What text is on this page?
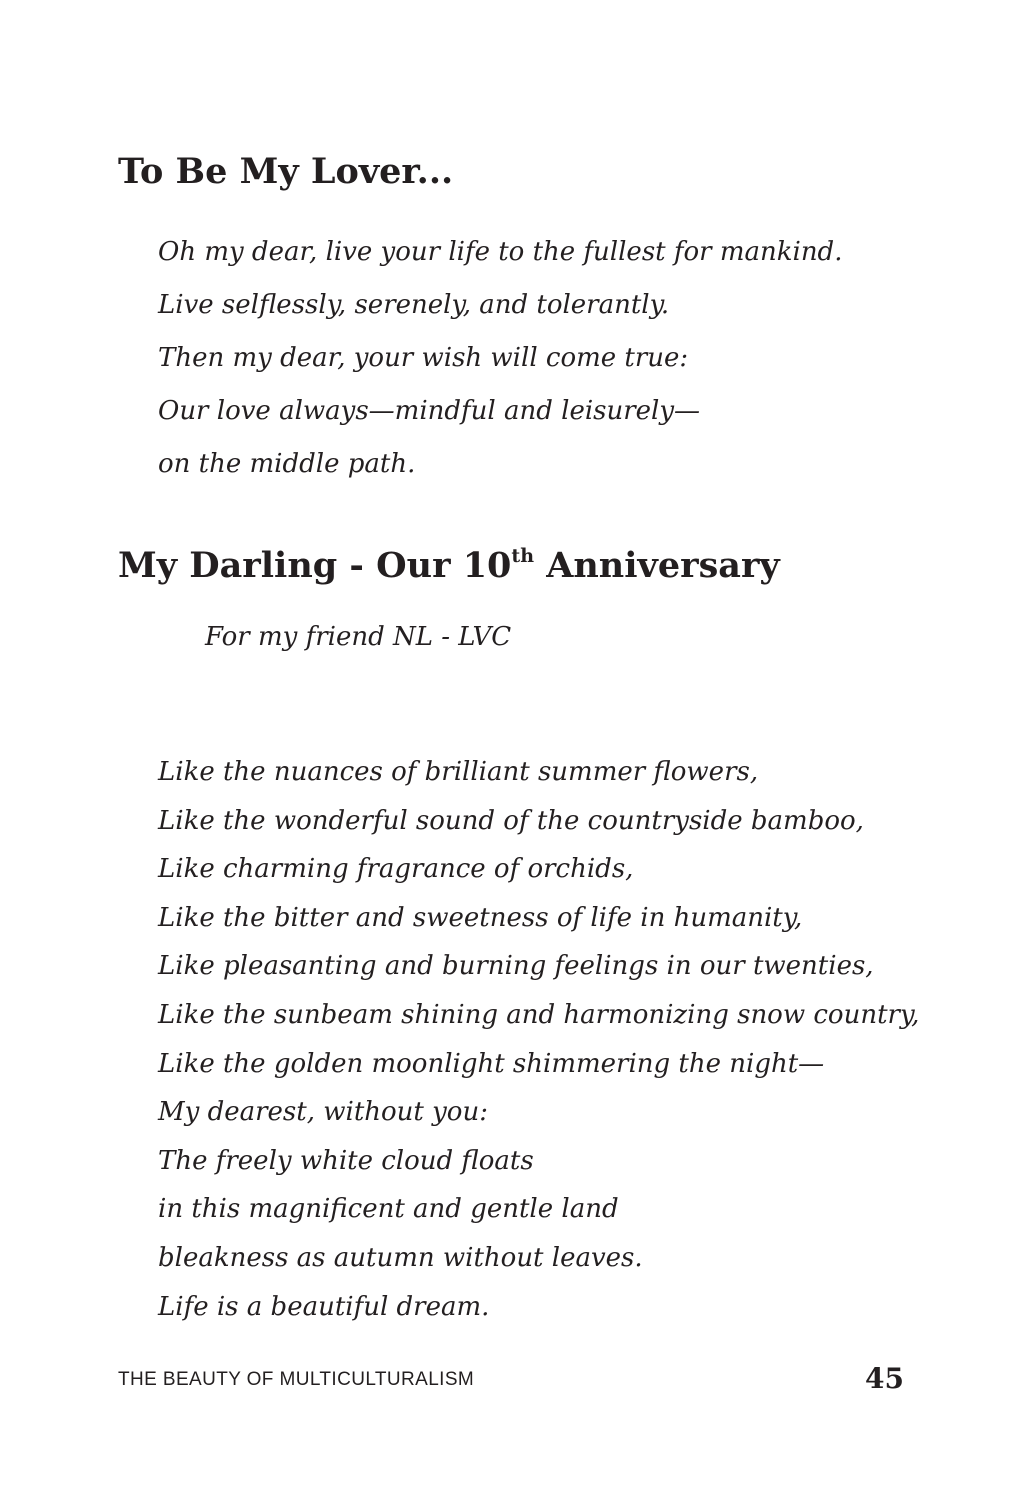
To Be My Lover...
Oh my dear, live your life to the fullest for mankind.
Live selflessly, serenely, and tolerantly.
Then my dear, your wish will come true:
Our love always—mindful and leisurely—
on the middle path.
My Darling - Our 10th Anniversary

For my friend NL - LVC

Like the nuances of brilliant summer flowers,
Like the wonderful sound of the countryside bamboo,
Like charming fragrance of orchids,
Like the bitter and sweetness of life in humanity,
Like pleasanting and burning feelings in our twenties,
Like the sunbeam shining and harmonizing snow country,
Like the golden moonlight shimmering the night—
My dearest, without you:
The freely white cloud floats
in this magnificent and gentle land
bleakness as autumn without leaves.
Life is a beautiful dream.
THE BEAUTY OF MULTICULTURALISM	45
